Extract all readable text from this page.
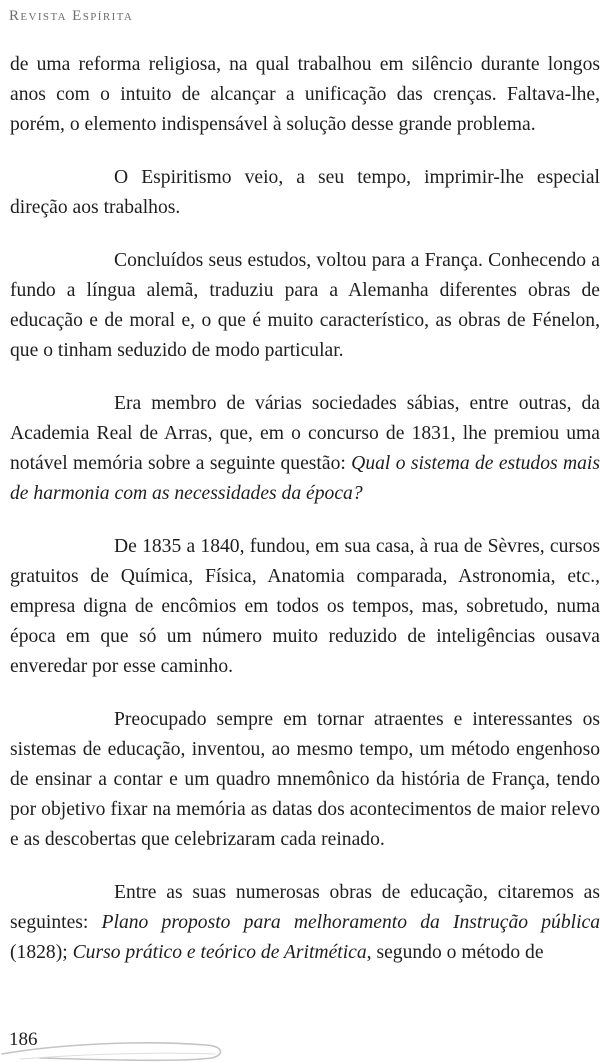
Revista Espírita

de uma reforma religiosa, na qual trabalhou em silêncio durante longos anos com o intuito de alcançar a unificação das crenças. Faltava-lhe, porém, o elemento indispensável à solução desse grande problema.

O Espiritismo veio, a seu tempo, imprimir-lhe especial direção aos trabalhos.

Concluídos seus estudos, voltou para a França. Conhecendo a fundo a língua alemã, traduziu para a Alemanha diferentes obras de educação e de moral e, o que é muito característico, as obras de Fénelon, que o tinham seduzido de modo particular.

Era membro de várias sociedades sábias, entre outras, da Academia Real de Arras, que, em o concurso de 1831, lhe premiou uma notável memória sobre a seguinte questão: Qual o sistema de estudos mais de harmonia com as necessidades da época?

De 1835 a 1840, fundou, em sua casa, à rua de Sèvres, cursos gratuitos de Química, Física, Anatomia comparada, Astronomia, etc., empresa digna de encômios em todos os tempos, mas, sobretudo, numa época em que só um número muito reduzido de inteligências ousava enveredar por esse caminho.

Preocupado sempre em tornar atraentes e interessantes os sistemas de educação, inventou, ao mesmo tempo, um método engenhoso de ensinar a contar e um quadro mnemônico da história de França, tendo por objetivo fixar na memória as datas dos acontecimentos de maior relevo e as descobertas que celebrizaram cada reinado.

Entre as suas numerosas obras de educação, citaremos as seguintes: Plano proposto para melhoramento da Instrução pública (1828); Curso prático e teórico de Aritmética, segundo o método de

186
